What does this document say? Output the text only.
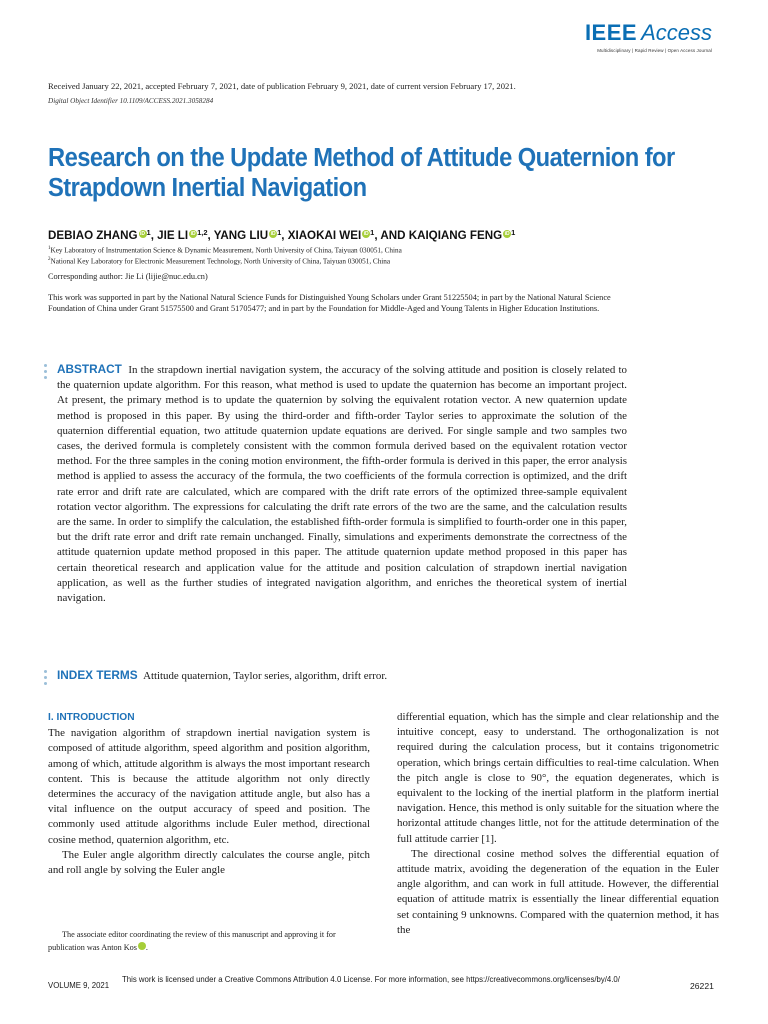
IEEE Access
Multidisciplinary | Rapid Review | Open Access Journal
Received January 22, 2021, accepted February 7, 2021, date of publication February 9, 2021, date of current version February 17, 2021.
Digital Object Identifier 10.1109/ACCESS.2021.3058284
Research on the Update Method of Attitude Quaternion for Strapdown Inertial Navigation
DEBIAO ZHANG iD $^1$, JIE LI iD $^{1,2}$, YANG LIU iD $^1$, XIAOKAI WEI iD $^1$, AND KAIQIANG FENG iD $^1$
$^1$Key Laboratory of Instrumentation Science & Dynamic Measurement, North University of China, Taiyuan 030051, China
$^2$National Key Laboratory for Electronic Measurement Technology, North University of China, Taiyuan 030051, China
Corresponding author: Jie Li (lijie@nuc.edu.cn)
This work was supported in part by the National Natural Science Funds for Distinguished Young Scholars under Grant 51225504; in part by the National Natural Science Foundation of China under Grant 51575500 and Grant 51705477; and in part by the Foundation for Middle-Aged and Young Talents in Higher Education Institutions.

ABSTRACT In the strapdown inertial navigation system, the accuracy of the solving attitude and position is closely related to the quaternion update algorithm. For this reason, what method is used to update the quaternion has become an important project. At present, the primary method is to update the quaternion by solving the equivalent rotation vector. A new quaternion update method is proposed in this paper. By using the third-order and fifth-order Taylor series to approximate the solution of the quaternion differential equation, two attitude quaternion update equations are derived. For single sample and two samples two cases, the derived formula is completely consistent with the common formula derived based on the equivalent rotation vector method. For the three samples in the coning motion environment, the fifth-order formula is derived in this paper, the error analysis method is applied to assess the accuracy of the formula, the two coefficients of the formula correction is optimized, and the drift rate error and drift rate are calculated, which are compared with the drift rate errors of the optimized three-sample equivalent rotation vector algorithm. The expressions for calculating the drift rate errors of the two are the same, and the calculation results are the same. In order to simplify the calculation, the established fifth-order formula is simplified to fourth-order one in this paper, but the drift rate error and drift rate remain unchanged. Finally, simulations and experiments demonstrate the correctness of the attitude quaternion update method proposed in this paper. The attitude quaternion update method proposed in this paper has certain theoretical research and application value for the attitude and position calculation of strapdown inertial navigation application, as well as the further studies of integrated navigation algorithm, and enriches the theoretical system of inertial navigation.

INDEX TERMS Attitude quaternion, Taylor series, algorithm, drift error.
I. INTRODUCTION

The navigation algorithm of strapdown inertial navigation system is composed of attitude algorithm, speed algorithm and position algorithm, among of which, attitude algorithm is always the most important research content. This is because the attitude algorithm not only directly determines the accuracy of the navigation attitude angle, but also has a vital influence on the output accuracy of speed and position. The commonly used attitude algorithms include Euler method, directional cosine method, quaternion algorithm, etc.

The Euler angle algorithm directly calculates the course angle, pitch and roll angle by solving the Euler angle

differential equation, which has the simple and clear relationship and the intuitive concept, easy to understand. The orthogonalization is not required during the calculation process, but it contains trigonometric operation, which brings certain difficulties to real-time calculation. When the pitch angle is close to 90°, the equation degenerates, which is equivalent to the locking of the inertial platform in the platform inertial navigation. Hence, this method is only suitable for the situation where the horizontal attitude changes little, not for the attitude determination of the full attitude carrier [1].

The directional cosine method solves the differential equation of attitude matrix, avoiding the degeneration of the equation in the Euler angle algorithm, and can work in full attitude. However, the differential equation of attitude matrix is essentially the linear differential equation set containing 9 unknowns. Compared with the quaternion method, it has the

The associate editor coordinating the review of this manuscript and approving it for publication was Anton Kos	iD.
VOLUME 9, 2021
This work is licensed under a Creative Commons Attribution 4.0 License. For more information, see https://creativecommons.org/licenses/by/4.0/
26221
